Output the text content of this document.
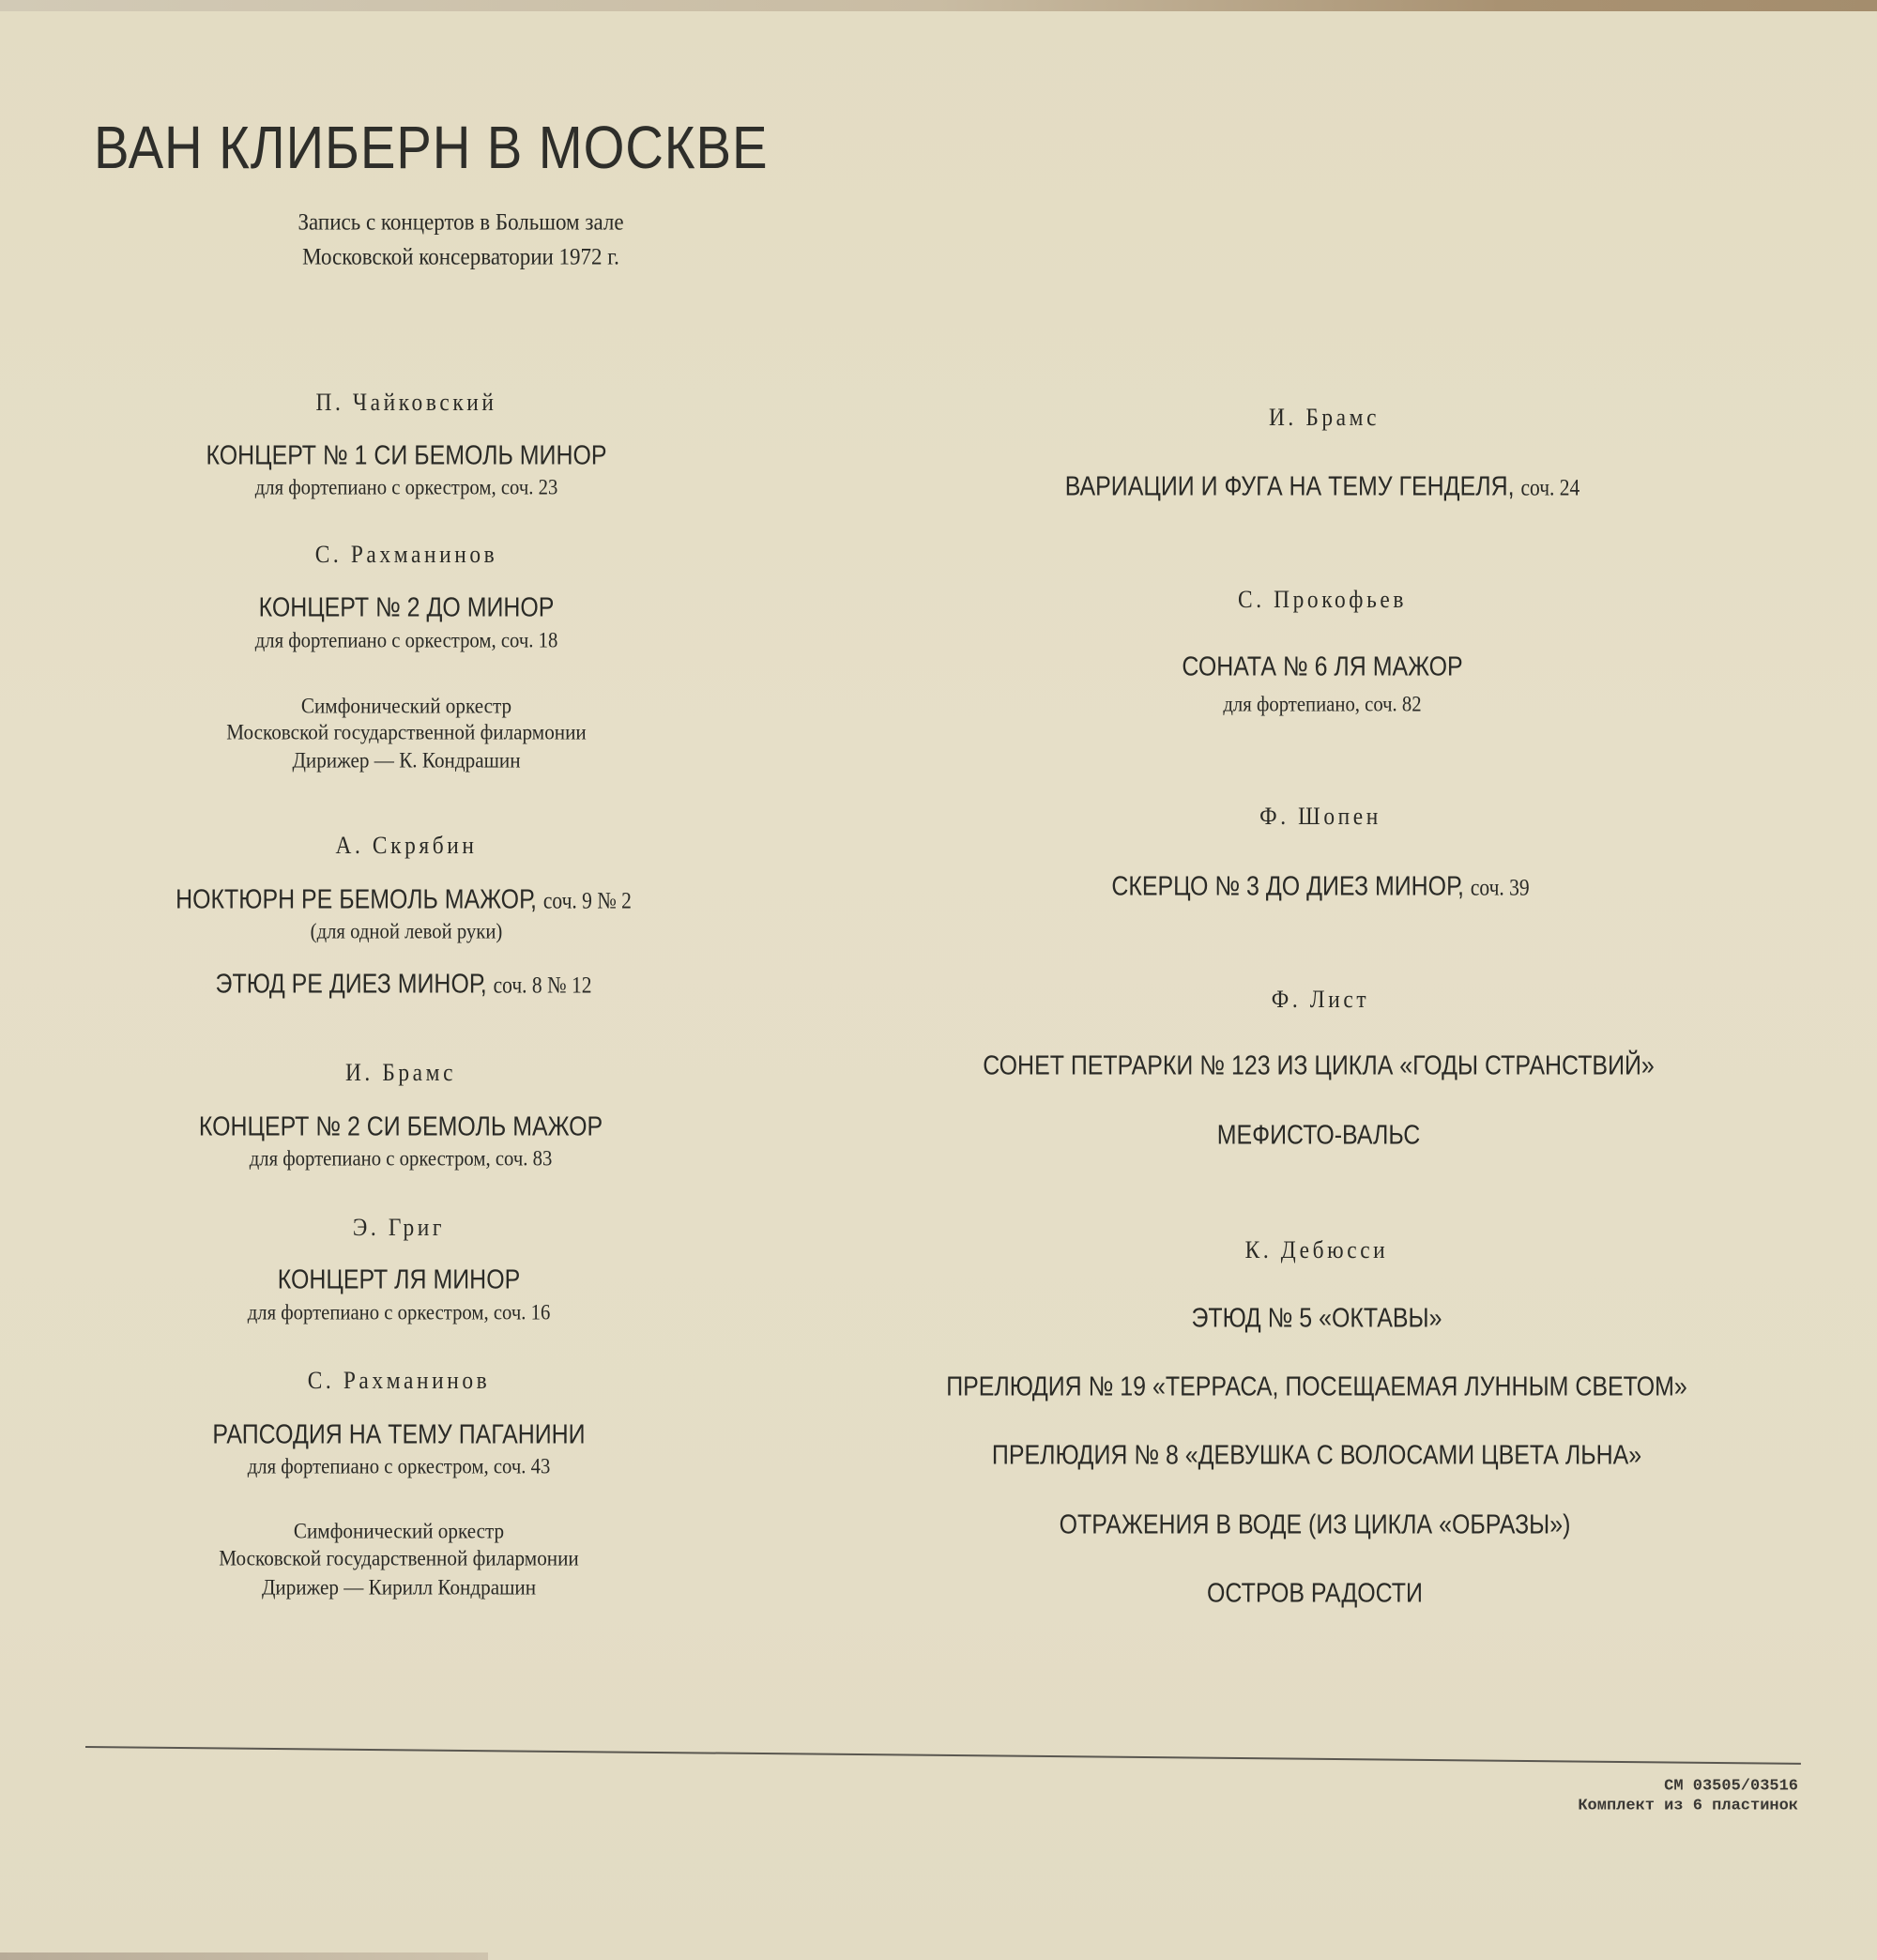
ВАН КЛИБЕРН В МОСКВЕ
Запись с концертов в Большом зале
Московской консерватории 1972 г.
П. Чайковский
КОНЦЕРТ № 1 СИ БЕМОЛЬ МИНОР
для фортепиано с оркестром, соч. 23
С. Рахманинов
КОНЦЕРТ № 2 ДО МИНОР
для фортепиано с оркестром, соч. 18
Симфонический оркестр
Московской государственной филармонии
Дирижер — К. Кондрашин
А. Скрябин
НОКТЮРН РЕ БЕМОЛЬ МАЖОР, соч. 9 № 2
(для одной левой руки)
ЭТЮД РЕ ДИЕЗ МИНОР, соч. 8 № 12
И. Брамс
КОНЦЕРТ № 2 СИ БЕМОЛЬ МАЖОР
для фортепиано с оркестром, соч. 83
Э. Григ
КОНЦЕРТ ЛЯ МИНОР
для фортепиано с оркестром, соч. 16
С. Рахманинов
РАПСОДИЯ НА ТЕМУ ПАГАНИНИ
для фортепиано с оркестром, соч. 43
Симфонический оркестр
Московской государственной филармонии
Дирижер — Кирилл Кондрашин
И. Брамс
ВАРИАЦИИ И ФУГА НА ТЕМУ ГЕНДЕЛЯ, соч. 24
С. Прокофьев
СОНАТА № 6 ЛЯ МАЖОР
для фортепиано, соч. 82
Ф. Шопен
СКЕРЦО № 3 ДО ДИЕЗ МИНОР, соч. 39
Ф. Лист
СОНЕТ ПЕТРАРКИ № 123 ИЗ ЦИКЛА «ГОДЫ СТРАНСТВИЙ»
МЕФИСТО-ВАЛЬС
К. Дебюсси
ЭТЮД № 5 «ОКТАВЫ»
ПРЕЛЮДИЯ № 19 «ТЕРРАСА, ПОСЕЩАЕМАЯ ЛУННЫМ СВЕТОМ»
ПРЕЛЮДИЯ № 8 «ДЕВУШКА С ВОЛОСАМИ ЦВЕТА ЛЬНА»
ОТРАЖЕНИЯ В ВОДЕ (ИЗ ЦИКЛА «ОБРАЗЫ»)
ОСТРОВ РАДОСТИ
СМ 03505/03516
Комплект из 6 пластинок
